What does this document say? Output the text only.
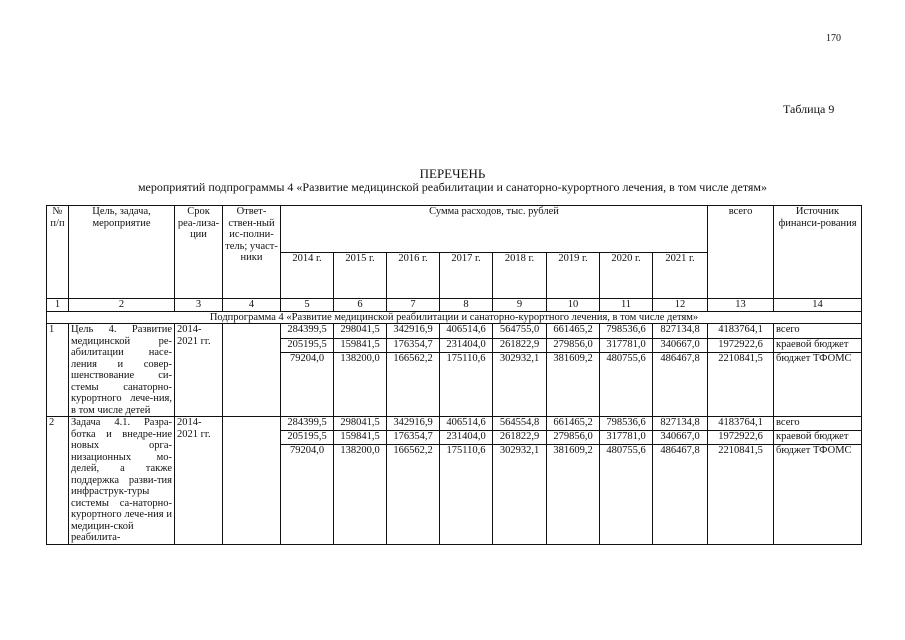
170
Таблица 9
ПЕРЕЧЕНЬ
мероприятий подпрограммы 4 «Развитие медицинской реабилитации и санаторно-курортного лечения, в том числе детям»
№ п/п	Цель, задача, мероприятие	Срок реа-лиза-ции	Ответ-ствен-ный ис-полни-тель; участ-ники	Сумма расходов, тыс. рублей								всего	Источник финанси-рования
				2014 г.	2015 г.	2016 г.	2017 г.	2018 г.	2019 г.	2020 г.	2021 г.		
1	2	3	4	5	6	7	8	9	10	11	12	13	14
Подпрограмма 4 «Развитие медицинской реабилитации и санаторно-курортного лечения, в том числе детям»													
1	Цель 4. Развитие медицинской ре-абилитации насе-ления и совер-шенствование си-стемы санаторно-курортного лече-ния, в том числе детей	2014-2021 гг.		284399,5	298041,5	342916,9	406514,6	564755,0	661465,2	798536,6	827134,8	4183764,1	всего
				205195,5	159841,5	176354,7	231404,0	261822,9	279856,0	317781,0	340667,0	1972922,6	краевой бюджет
				79204,0	138200,0	166562,2	175110,6	302932,1	381609,2	480755,6	486467,8	2210841,5	бюджет ТФОМС
2	Задача 4.1. Разра-ботка и внедре-ние новых орга-низационных мо-делей, а также поддержка разви-тия инфраструк-туры системы са-наторно-курортного лече-ния и медицин-ской реабилита-	2014-2021 гг.		284399,5	298041,5	342916,9	406514,6	564554,8	661465,2	798536,6	827134,8	4183764,1	всего
				205195,5	159841,5	176354,7	231404,0	261822,9	279856,0	317781,0	340667,0	1972922,6	краевой бюджет
				79204,0	138200,0	166562,2	175110,6	302932,1	381609,2	480755,6	486467,8	2210841,5	бюджет ТФОМС
